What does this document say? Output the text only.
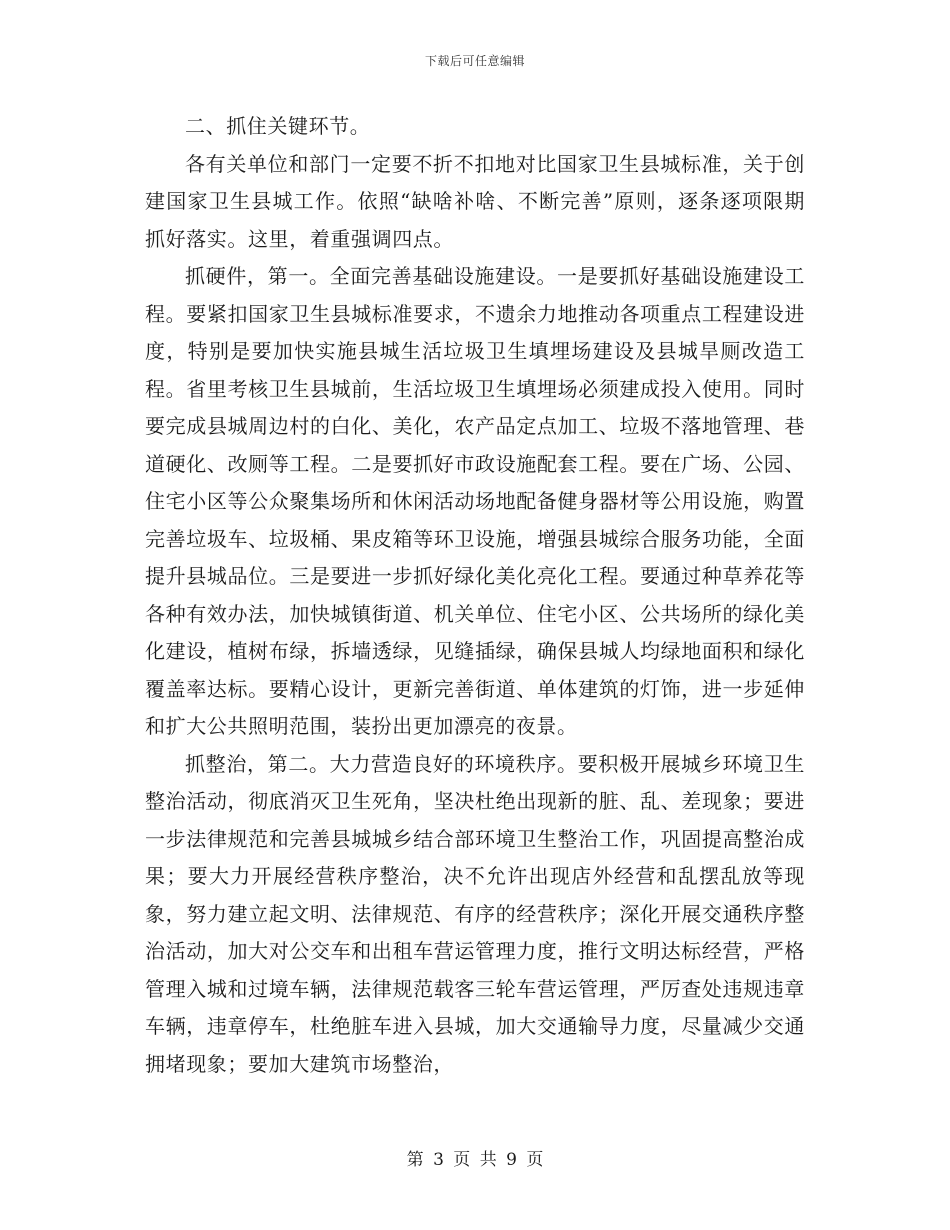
下载后可任意编辑

二、抓住关键环节。

各有关单位和部门一定要不折不扣地对比国家卫生县城标准，关于创建国家卫生县城工作。依照“缺啥补啥、不断完善”原则，逐条逐项限期抓好落实。这里，着重强调四点。

抓硬件，第一。全面完善基础设施建设。一是要抓好基础设施建设工程。要紧扣国家卫生县城标准要求，不遗余力地推动各项重点工程建设进度，特别是要加快实施县城生活垃圾卫生填埋场建设及县城旱厕改造工程。省里考核卫生县城前，生活垃圾卫生填埋场必须建成投入使用。同时要完成县城周边村的白化、美化，农产品定点加工、垃圾不落地管理、巷道硬化、改厕等工程。二是要抓好市政设施配套工程。要在广场、公园、住宅小区等公众聚集场所和休闲活动场地配备健身器材等公用设施，购置完善垃圾车、垃圾桶、果皮箱等环卫设施，增强县城综合服务功能，全面提升县城品位。三是要进一步抓好绿化美化亮化工程。要通过种草养花等各种有效办法，加快城镇街道、机关单位、住宅小区、公共场所的绿化美化建设，植树布绿，拆墙透绿，见缝插绿，确保县城人均绿地面积和绿化覆盖率达标。要精心设计，更新完善街道、单体建筑的灯饰，进一步延伸和扩大公共照明范围，装扮出更加漂亮的夜景。

抓整治，第二。大力营造良好的环境秩序。要积极开展城乡环境卫生整治活动，彻底消灭卫生死角，坚决杜绝出现新的脏、乱、差现象；要进一步法律规范和完善县城城乡结合部环境卫生整治工作，巩固提高整治成果；要大力开展经营秩序整治，决不允许出现店外经营和乱摆乱放等现象，努力建立起文明、法律规范、有序的经营秩序；深化开展交通秩序整治活动，加大对公交车和出租车营运管理力度，推行文明达标经营，严格管理入城和过境车辆，法律规范载客三轮车营运管理，严厉查处违规违章车辆，违章停车，杜绝脏车进入县城，加大交通输导力度，尽量减少交通拥堵现象；要加大建筑市场整治，

第 3 页 共 9 页
